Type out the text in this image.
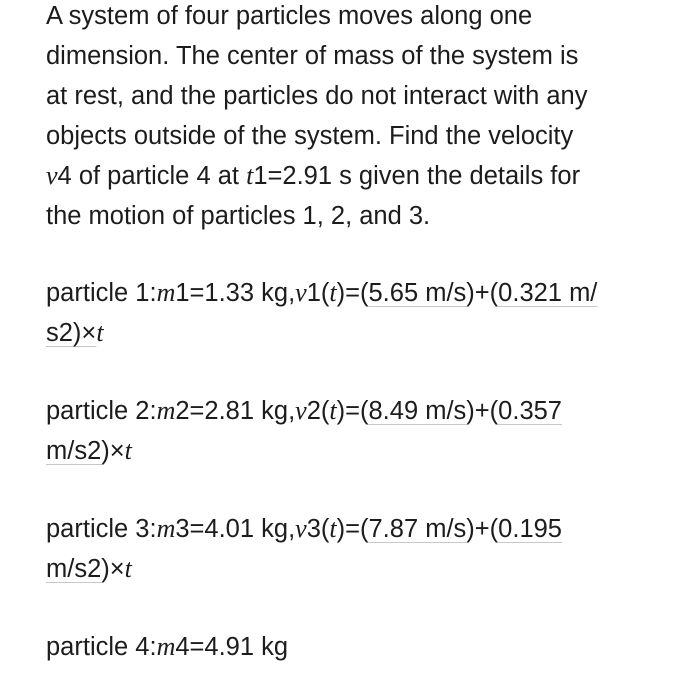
A system of four particles moves along one
dimension. The center of mass of the system is
at rest, and the particles do not interact with any
objects outside of the system. Find the velocity
v4 of particle 4 at t1=2.91 s given the details for
the motion of particles 1, 2, and 3.

particle 1:m1=1.33 kg,v1(t)=(5.65 m/s)+(0.321 m/
s2)×t

particle 2:m2=2.81 kg,v2(t)=(8.49 m/s)+(0.357
m/s2)×t

particle 3:m3=4.01 kg,v3(t)=(7.87 m/s)+(0.195
m/s2)×t

particle 4:m4=4.91 kg
